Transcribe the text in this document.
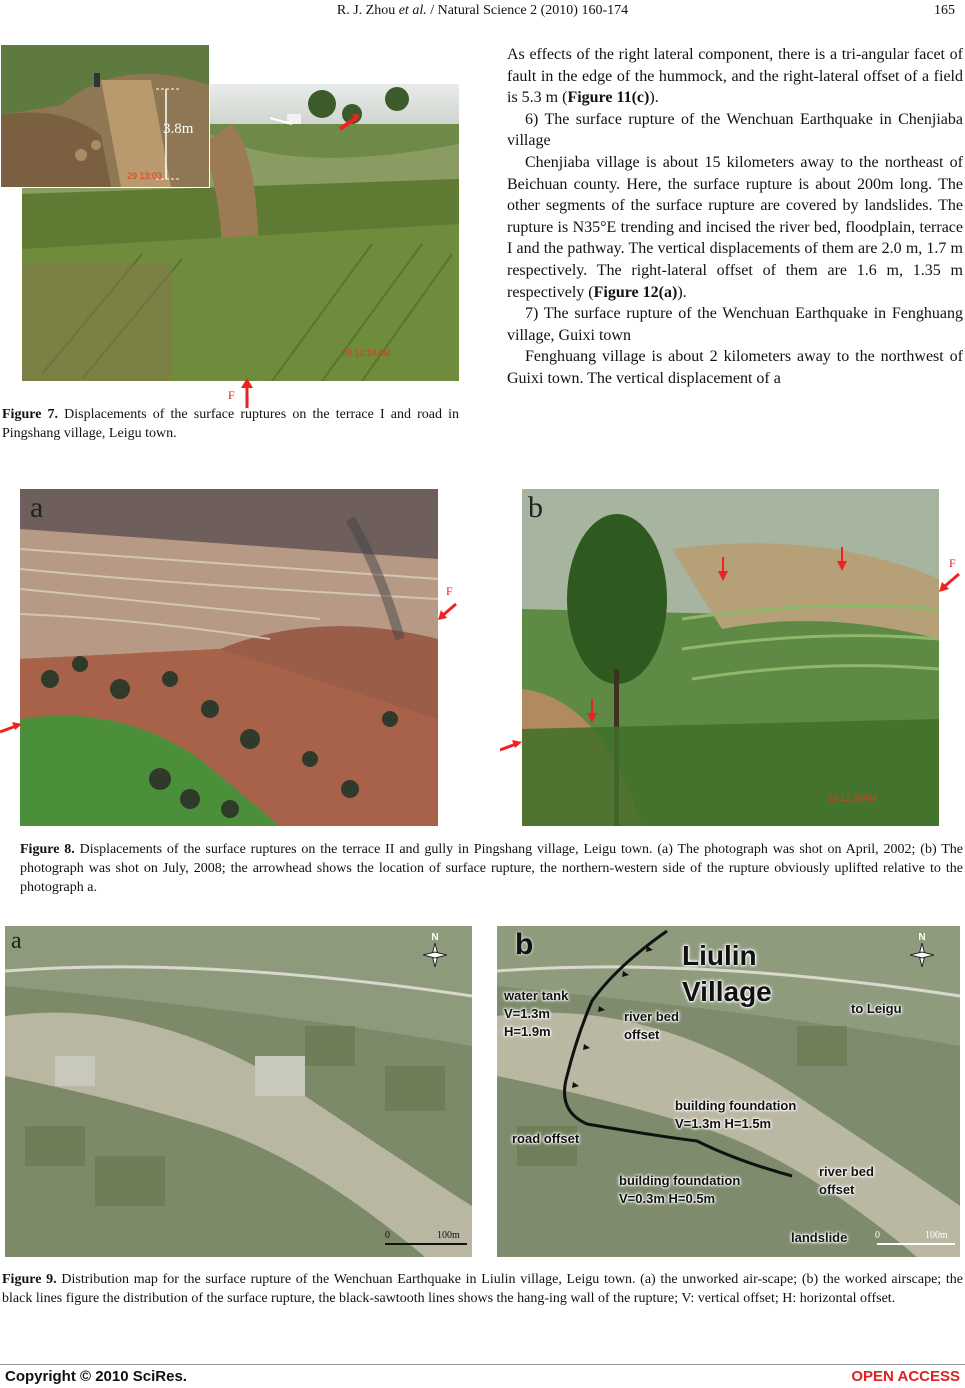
R. J. Zhou et al. / Natural Science 2 (2010) 160-174	165
29 13:24AM
3.8m
29 13:03
F
Figure 7. Displacements of the surface ruptures on the terrace I and road in Pingshang village, Leigu town.

As effects of the right lateral component, there is a tri-angular facet of fault in the edge of the hummock, and the right-lateral offset of a field is 5.3 m (Figure 11(c)).

6) The surface rupture of the Wenchuan Earthquake in Chenjiaba village

Chenjiaba village is about 15 kilometers away to the northeast of Beichuan county. Here, the surface rupture is about 200m long. The other segments of the surface rupture are covered by landslides. The rupture is N35°E trending and incised the river bed, floodplain, terrace I and the pathway. The vertical displacements of them are 2.0 m, 1.7 m respectively. The right-lateral offset of them are 1.6 m, 1.35 m respectively (Figure 12(a)).

7) The surface rupture of the Wenchuan Earthquake in Fenghuang village, Guixi town

Fenghuang village is about 2 kilometers away to the northwest of Guixi town. The vertical displacement of a

a
F
b
29 13:36AM
F
Figure 8. Displacements of the surface ruptures on the terrace II and gully in Pingshang village, Leigu town. (a) The photograph was shot on April, 2002; (b) The photograph was shot on July, 2008; the arrowhead shows the location of surface rupture, the northern-western side of the rupture obviously uplifted relative to the photograph a.
a	N
0	100m
b	Liulin
Village
to Leigu
water tank
V=1.3m
H=1.9m
river bed
offset
building foundation
V=1.3m H=1.5m
road offset
building foundation
V=0.3m H=0.5m
river bed
offset
landslide
N
0	100m
Figure 9. Distribution map for the surface rupture of the Wenchuan Earthquake in Liulin village, Leigu town. (a) the unworked air-scape; (b) the worked airscape; the black lines figure the distribution of the surface rupture, the black-sawtooth lines shows the hang-ing wall of the rupture; V: vertical offset; H: horizontal offset.
Copyright © 2010 SciRes.	OPEN ACCESS
